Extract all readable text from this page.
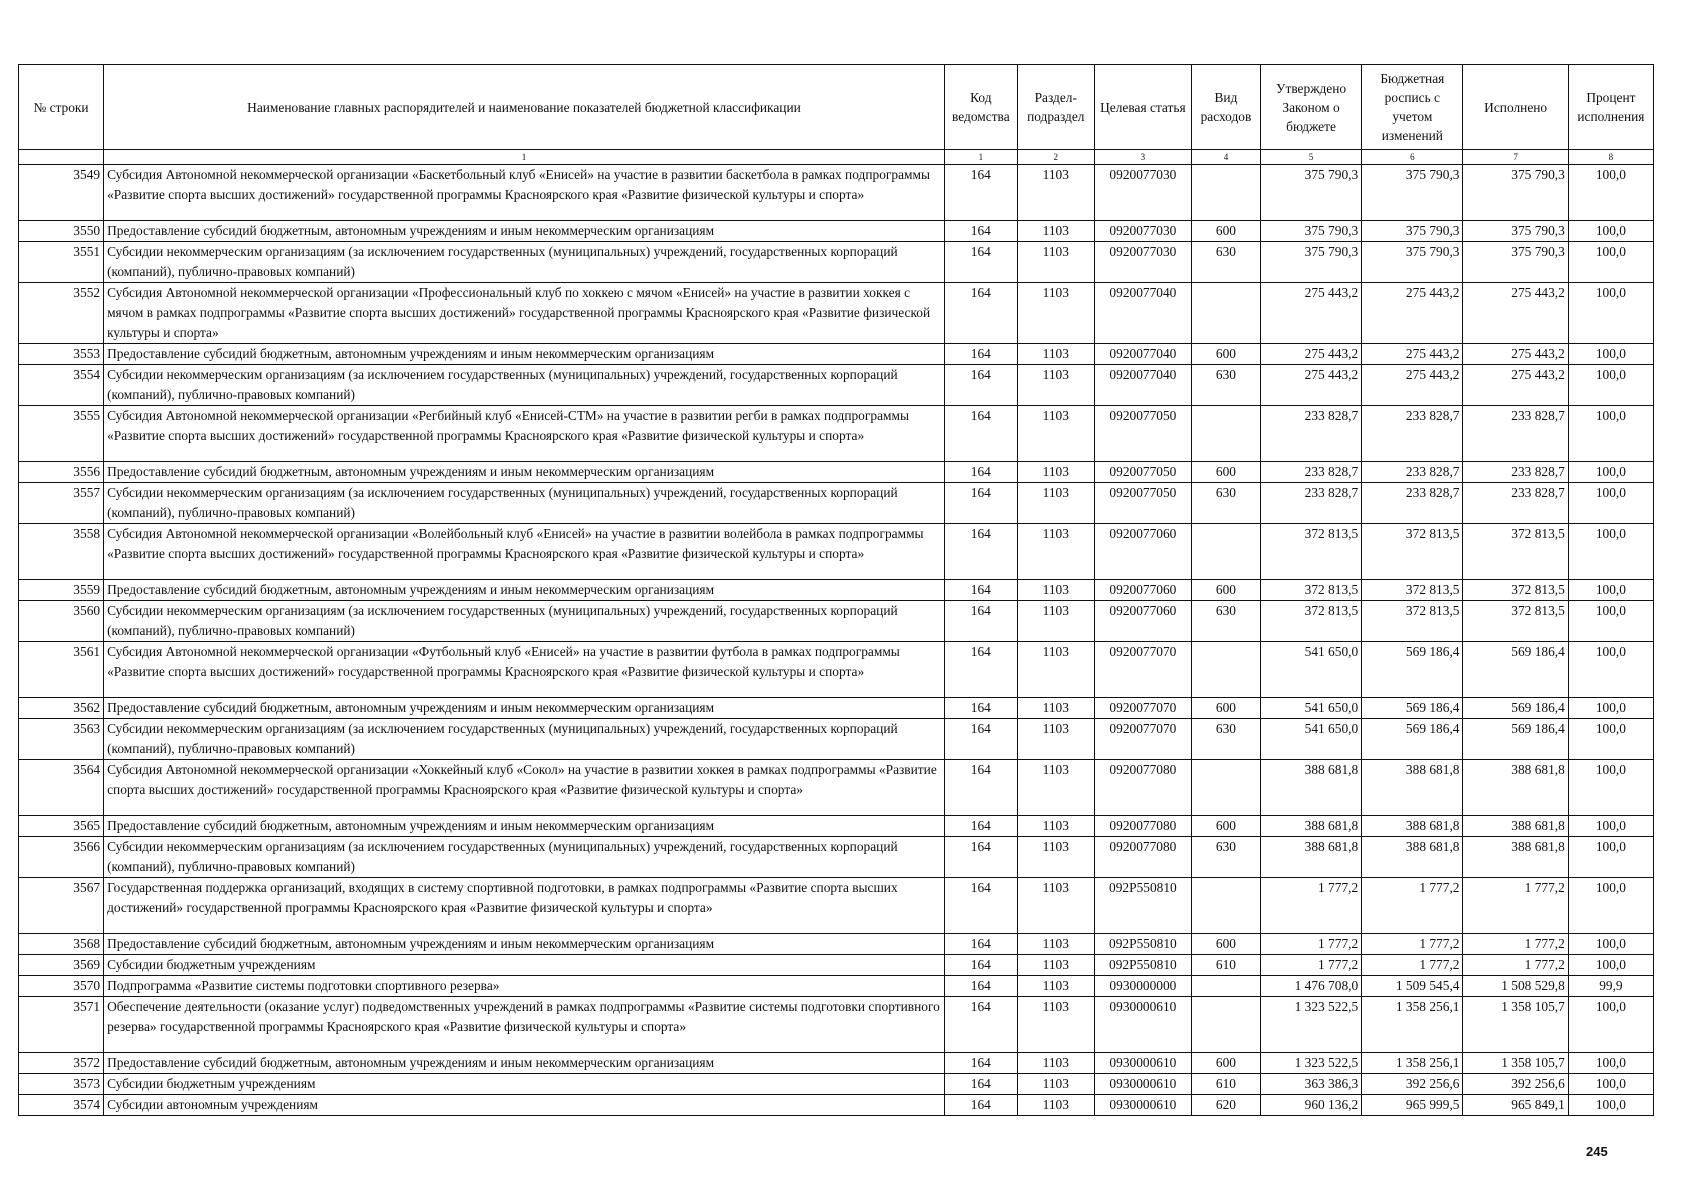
№ строки	Наименование главных распорядителей и наименование показателей бюджетной классификации	Код ведомства	Раздел-подраздел	Целевая статья	Вид расходов	Утверждено Законом о бюджете	Бюджетная роспись с учетом изменений	Исполнено	Процент исполнения
	1	1	2	3	4	5	6	7	8
3549	Субсидия Автономной некоммерческой организации «Баскетбольный клуб «Енисей» на участие в развитии баскетбола в рамках подпрограммы «Развитие спорта высших достижений» государственной программы Красноярского края «Развитие физической культуры и спорта»	164	1103	0920077030		375 790,3	375 790,3	375 790,3	100,0
3550	Предоставление субсидий бюджетным, автономным учреждениям и иным некоммерческим организациям	164	1103	0920077030	600	375 790,3	375 790,3	375 790,3	100,0
3551	Субсидии некоммерческим организациям (за исключением государственных (муниципальных) учреждений, государственных корпораций (компаний), публично-правовых компаний)	164	1103	0920077030	630	375 790,3	375 790,3	375 790,3	100,0
3552	Субсидия Автономной некоммерческой организации «Профессиональный клуб по хоккею с мячом «Енисей» на участие в развитии хоккея с мячом в рамках подпрограммы «Развитие спорта высших достижений» государственной программы Красноярского края «Развитие физической культуры и спорта»	164	1103	0920077040		275 443,2	275 443,2	275 443,2	100,0
3553	Предоставление субсидий бюджетным, автономным учреждениям и иным некоммерческим организациям	164	1103	0920077040	600	275 443,2	275 443,2	275 443,2	100,0
3554	Субсидии некоммерческим организациям (за исключением государственных (муниципальных) учреждений, государственных корпораций (компаний), публично-правовых компаний)	164	1103	0920077040	630	275 443,2	275 443,2	275 443,2	100,0
3555	Субсидия Автономной некоммерческой организации «Регбийный клуб «Енисей-СТМ» на участие в развитии регби в рамках подпрограммы «Развитие спорта высших достижений» государственной программы Красноярского края «Развитие физической культуры и спорта»	164	1103	0920077050		233 828,7	233 828,7	233 828,7	100,0
3556	Предоставление субсидий бюджетным, автономным учреждениям и иным некоммерческим организациям	164	1103	0920077050	600	233 828,7	233 828,7	233 828,7	100,0
3557	Субсидии некоммерческим организациям (за исключением государственных (муниципальных) учреждений, государственных корпораций (компаний), публично-правовых компаний)	164	1103	0920077050	630	233 828,7	233 828,7	233 828,7	100,0
3558	Субсидия Автономной некоммерческой организации «Волейбольный клуб «Енисей» на участие в развитии волейбола в рамках подпрограммы «Развитие спорта высших достижений» государственной программы Красноярского края «Развитие физической культуры и спорта»	164	1103	0920077060		372 813,5	372 813,5	372 813,5	100,0
3559	Предоставление субсидий бюджетным, автономным учреждениям и иным некоммерческим организациям	164	1103	0920077060	600	372 813,5	372 813,5	372 813,5	100,0
3560	Субсидии некоммерческим организациям (за исключением государственных (муниципальных) учреждений, государственных корпораций (компаний), публично-правовых компаний)	164	1103	0920077060	630	372 813,5	372 813,5	372 813,5	100,0
3561	Субсидия Автономной некоммерческой организации «Футбольный клуб «Енисей» на участие в развитии футбола в рамках подпрограммы «Развитие спорта высших достижений» государственной программы Красноярского края «Развитие физической культуры и спорта»	164	1103	0920077070		541 650,0	569 186,4	569 186,4	100,0
3562	Предоставление субсидий бюджетным, автономным учреждениям и иным некоммерческим организациям	164	1103	0920077070	600	541 650,0	569 186,4	569 186,4	100,0
3563	Субсидии некоммерческим организациям (за исключением государственных (муниципальных) учреждений, государственных корпораций (компаний), публично-правовых компаний)	164	1103	0920077070	630	541 650,0	569 186,4	569 186,4	100,0
3564	Субсидия Автономной некоммерческой организации «Хоккейный клуб «Сокол» на участие в развитии хоккея в рамках подпрограммы «Развитие спорта высших достижений» государственной программы Красноярского края «Развитие физической культуры и спорта»	164	1103	0920077080		388 681,8	388 681,8	388 681,8	100,0
3565	Предоставление субсидий бюджетным, автономным учреждениям и иным некоммерческим организациям	164	1103	0920077080	600	388 681,8	388 681,8	388 681,8	100,0
3566	Субсидии некоммерческим организациям (за исключением государственных (муниципальных) учреждений, государственных корпораций (компаний), публично-правовых компаний)	164	1103	0920077080	630	388 681,8	388 681,8	388 681,8	100,0
3567	Государственная поддержка организаций, входящих в систему спортивной подготовки, в рамках подпрограммы «Развитие спорта высших достижений» государственной программы Красноярского края «Развитие физической культуры и спорта»	164	1103	092P550810		1 777,2	1 777,2	1 777,2	100,0
3568	Предоставление субсидий бюджетным, автономным учреждениям и иным некоммерческим организациям	164	1103	092P550810	600	1 777,2	1 777,2	1 777,2	100,0
3569	Субсидии бюджетным учреждениям	164	1103	092P550810	610	1 777,2	1 777,2	1 777,2	100,0
3570	Подпрограмма «Развитие системы подготовки спортивного резерва»	164	1103	0930000000		1 476 708,0	1 509 545,4	1 508 529,8	99,9
3571	Обеспечение деятельности (оказание услуг) подведомственных учреждений в рамках подпрограммы «Развитие системы подготовки спортивного резерва» государственной программы Красноярского края «Развитие физической культуры и спорта»	164	1103	0930000610		1 323 522,5	1 358 256,1	1 358 105,7	100,0
3572	Предоставление субсидий бюджетным, автономным учреждениям и иным некоммерческим организациям	164	1103	0930000610	600	1 323 522,5	1 358 256,1	1 358 105,7	100,0
3573	Субсидии бюджетным учреждениям	164	1103	0930000610	610	363 386,3	392 256,6	392 256,6	100,0
3574	Субсидии автономным учреждениям	164	1103	0930000610	620	960 136,2	965 999,5	965 849,1	100,0
245
